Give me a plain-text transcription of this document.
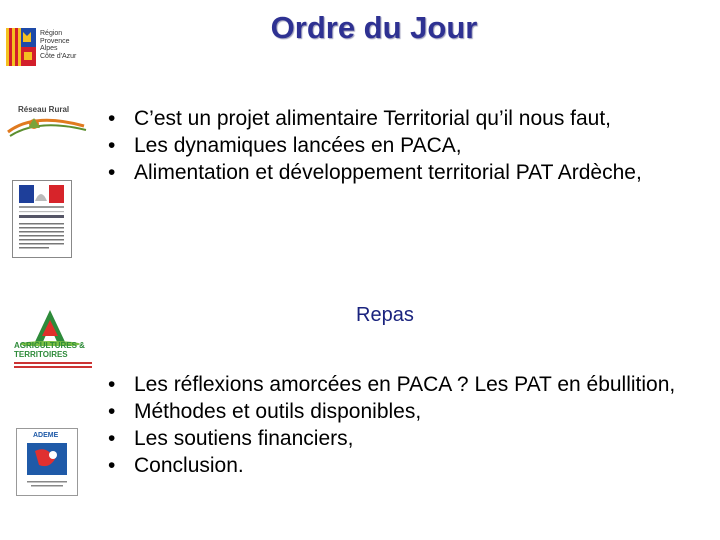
Ordre du Jour
Région
Provence
Alpes
Côte d'Azur
Réseau Rural
AGRICULTURES & TERRITOIRES
ADEME
• C’est un projet alimentaire Territorial qu’il nous faut,
• Les dynamiques lancées en PACA,
• Alimentation et développement territorial PAT Ardèche,
Repas
• Les réflexions amorcées en PACA ? Les PAT en ébullition,
• Méthodes et outils disponibles,
• Les soutiens financiers,
• Conclusion.
